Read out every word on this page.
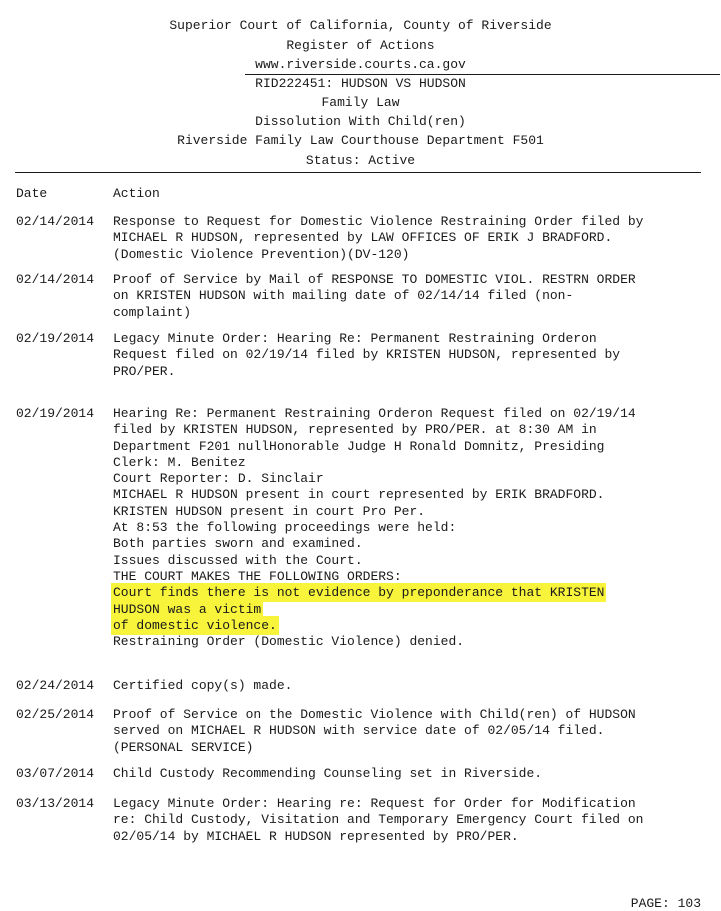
Superior Court of California, County of Riverside
Register of Actions
www.riverside.courts.ca.gov
RID222451: HUDSON VS HUDSON
Family Law
Dissolution With Child(ren)
Riverside Family Law Courthouse Department F501
Status: Active
Date	Action
02/14/2014 Response to Request for Domestic Violence Restraining Order filed by
MICHAEL R HUDSON, represented by LAW OFFICES OF ERIK J BRADFORD.
(Domestic Violence Prevention)(DV-120)
02/14/2014 Proof of Service by Mail of RESPONSE TO DOMESTIC VIOL. RESTRN ORDER
on KRISTEN HUDSON with mailing date of 02/14/14 filed (non-
complaint)
02/19/2014 Legacy Minute Order: Hearing Re: Permanent Restraining Orderon
Request filed on 02/19/14 filed by KRISTEN HUDSON, represented by
PRO/PER.
02/19/2014 Hearing Re: Permanent Restraining Orderon Request filed on 02/19/14
filed by KRISTEN HUDSON, represented by PRO/PER. at 8:30 AM in
Department F201 nullHonorable Judge H Ronald Domnitz, Presiding
Clerk: M. Benitez
Court Reporter: D. Sinclair
MICHAEL R HUDSON present in court represented by ERIK BRADFORD.
KRISTEN HUDSON present in court Pro Per.
At 8:53 the following proceedings were held:
Both parties sworn and examined.
Issues discussed with the Court.
THE COURT MAKES THE FOLLOWING ORDERS:
Court finds there is not evidence by preponderance that KRISTEN
HUDSON was a victim
of domestic violence.
Restraining Order (Domestic Violence) denied.
02/24/2014 Certified copy(s) made.
02/25/2014 Proof of Service on the Domestic Violence with Child(ren) of HUDSON
served on MICHAEL R HUDSON with service date of 02/05/14 filed.
(PERSONAL SERVICE)
03/07/2014 Child Custody Recommending Counseling set in Riverside.
03/13/2014 Legacy Minute Order: Hearing re: Request for Order for Modification
re: Child Custody, Visitation and Temporary Emergency Court filed on
02/05/14 by MICHAEL R HUDSON represented by PRO/PER.
PAGE: 103
